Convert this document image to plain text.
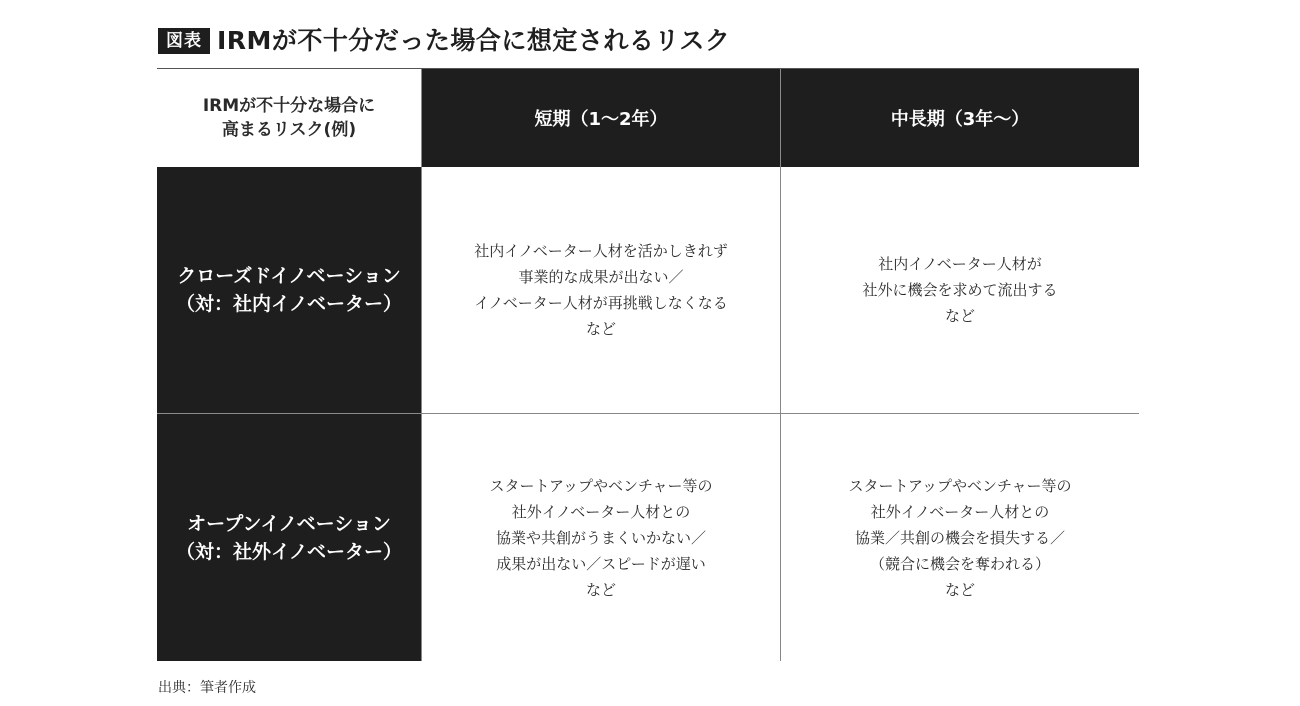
図表 IRMが不十分だった場合に想定されるリスク
IRMが不十分な場合に
高まるリスク(例)	短期（1〜2年）	中長期（3年〜）
クローズドイノベーション
（対：社内イノベーター）
社内イノベーター人材を活かしきれず
事業的な成果が出ない／
イノベーター人材が再挑戦しなくなる
など
社内イノベーター人材が
社外に機会を求めて流出する
など
オープンイノベーション
（対：社外イノベーター）
スタートアップやベンチャー等の
社外イノベーター人材との
協業や共創がうまくいかない／
成果が出ない／スピードが遅い
など
スタートアップやベンチャー等の
社外イノベーター人材との
協業／共創の機会を損失する／
（競合に機会を奪われる）
など
出典：筆者作成
